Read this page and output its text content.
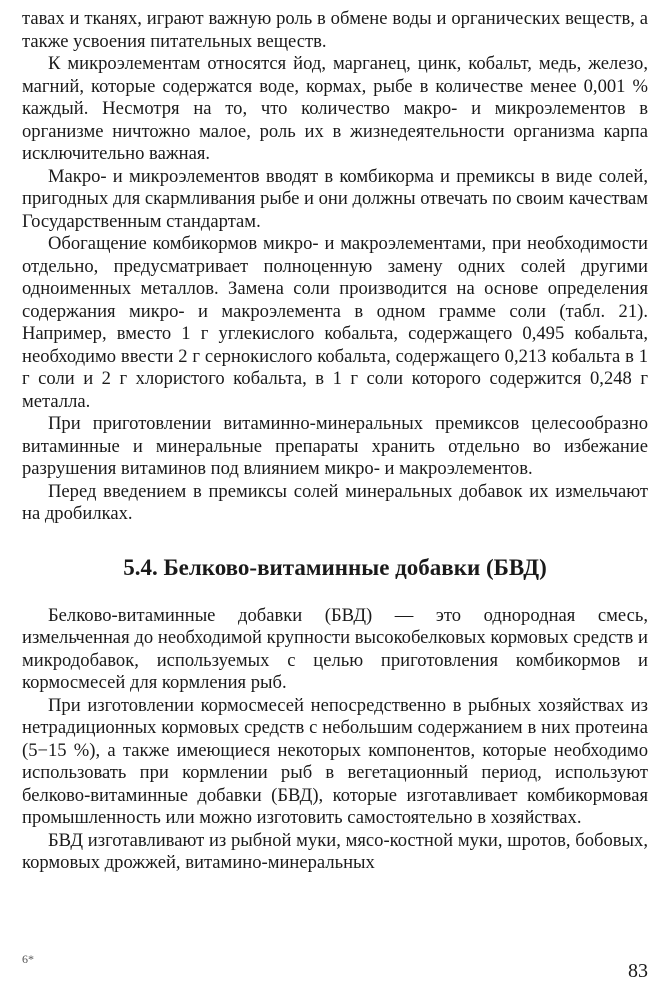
тавах и тканях, играют важную роль в обмене воды и органических веществ, а также усвоения питательных веществ.

К микроэлементам относятся йод, марганец, цинк, кобальт, медь, железо, магний, которые содержатся воде, кормах, рыбе в количестве менее 0,001 % каждый. Несмотря на то, что количество макро- и микроэлементов в организме ничтожно малое, роль их в жизнедеятельности организма карпа исключительно важная.

Макро- и микроэлементов вводят в комбикорма и премиксы в виде солей, пригодных для скармливания рыбе и они должны отвечать по своим качествам Государственным стандартам.

Обогащение комбикормов микро- и макроэлементами, при необходимости отдельно, предусматривает полноценную замену одних солей другими одноименных металлов. Замена соли производится на основе определения содержания микро- и макроэлемента в одном грамме соли (табл. 21). Например, вместо 1 г углекислого кобальта, содержащего 0,495 кобальта, необходимо ввести 2 г сернокислого кобальта, содержащего 0,213 кобальта в 1 г соли и 2 г хлористого кобальта, в 1 г соли которого содержится 0,248 г металла.

При приготовлении витаминно-минеральных премиксов целесообразно витаминные и минеральные препараты хранить отдельно во избежание разрушения витаминов под влиянием микро- и макроэлементов.

Перед введением в премиксы солей минеральных добавок их измельчают на дробилках.

5.4. Белково-витаминные добавки (БВД)

Белково-витаминные добавки (БВД) — это однородная смесь, измельченная до необходимой крупности высокобелковых кормовых средств и микродобавок, используемых с целью приготовления комбикормов и кормосмесей для кормления рыб.

При изготовлении кормосмесей непосредственно в рыбных хозяйствах из нетрадиционных кормовых средств с небольшим содержанием в них протеина (5−15 %), а также имеющиеся некоторых компонентов, которые необходимо использовать при кормлении рыб в вегетационный период, используют белково-витаминные добавки (БВД), которые изготавливает комбикормовая промышленность или можно изготовить самостоятельно в хозяйствах.

БВД изготавливают из рыбной муки, мясо-костной муки, шротов, бобовых, кормовых дрожжей, витамино-минеральных

6*
83
